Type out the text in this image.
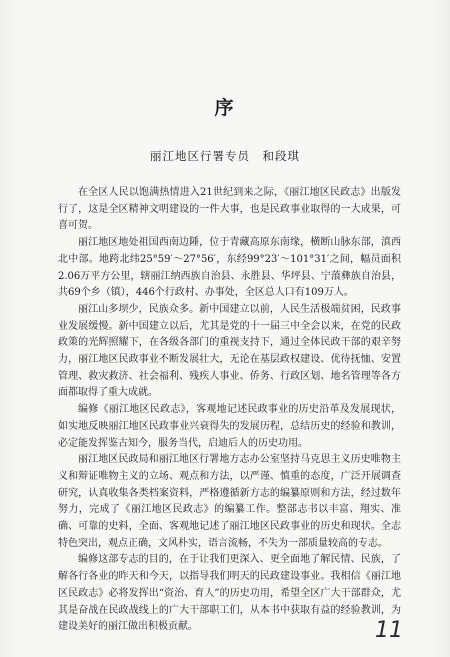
序
丽江地区行署专员　和段琪

在全区人民以饱满热情进入21世纪到来之际，《丽江地区民政志》出版发行了，这是全区精神文明建设的一件大事，也是民政事业取得的一大成果，可喜可贺。

丽江地区地处祖国西南边陲，位于青藏高原东南缘，横断山脉东部，滇西北中部。地跨北纬25°59′～27°56′，东经99°23′～101°31′之间，幅员面积2.06万平方公里，辖丽江纳西族自治县、永胜县、华坪县、宁蒗彝族自治县，共69个乡（镇），446个行政村、办事处，全区总人口有109万人。

丽江山多坝少，民族众多。新中国建立以前，人民生活极端贫困，民政事业发展缓慢。新中国建立以后，尤其是党的十一届三中全会以来，在党的民政政策的光辉照耀下，在各级各部门的重视支持下，通过全体民政干部的艰辛努力，丽江地区民政事业不断发展壮大，无论在基层政权建设、优待抚恤、安置管理、救灾救济、社会福利、残疾人事业、侨务、行政区划、地名管理等各方面都取得了重大成就。

编修《丽江地区民政志》，客观地记述民政事业的历史沿革及发展现状，如实地反映丽江地区民政事业兴衰得失的发展历程，总结历史的经验和教训，必定能发挥鉴古知今，服务当代，启迪后人的历史功用。

丽江地区民政局和丽江地区行署地方志办公室坚持马克思主义历史唯物主义和辩证唯物主义的立场、观点和方法，以严谨、慎重的态度，广泛开展调查研究，认真收集各类档案资料，严格遵循新方志的编纂原则和方法，经过数年努力，完成了《丽江地区民政志》的编纂工作。整部志书以丰富、翔实、准确、可靠的史料，全面、客观地记述了丽江地区民政事业的历史和现状。全志特色突出，观点正确，文风朴实，语言流畅，不失为一部质量较高的专志。

编修这部专志的目的，在于让我们更深入、更全面地了解民情、民族，了解各行各业的昨天和今天，以指导我们明天的民政建设事业。我相信《丽江地区民政志》必将发挥出“资治、育人”的历史功用，希望全区广大干部群众，尤其是奋战在民政战线上的广大干部职工们，从本书中获取有益的经验教训，为建设美好的丽江做出积极贡献。	11
